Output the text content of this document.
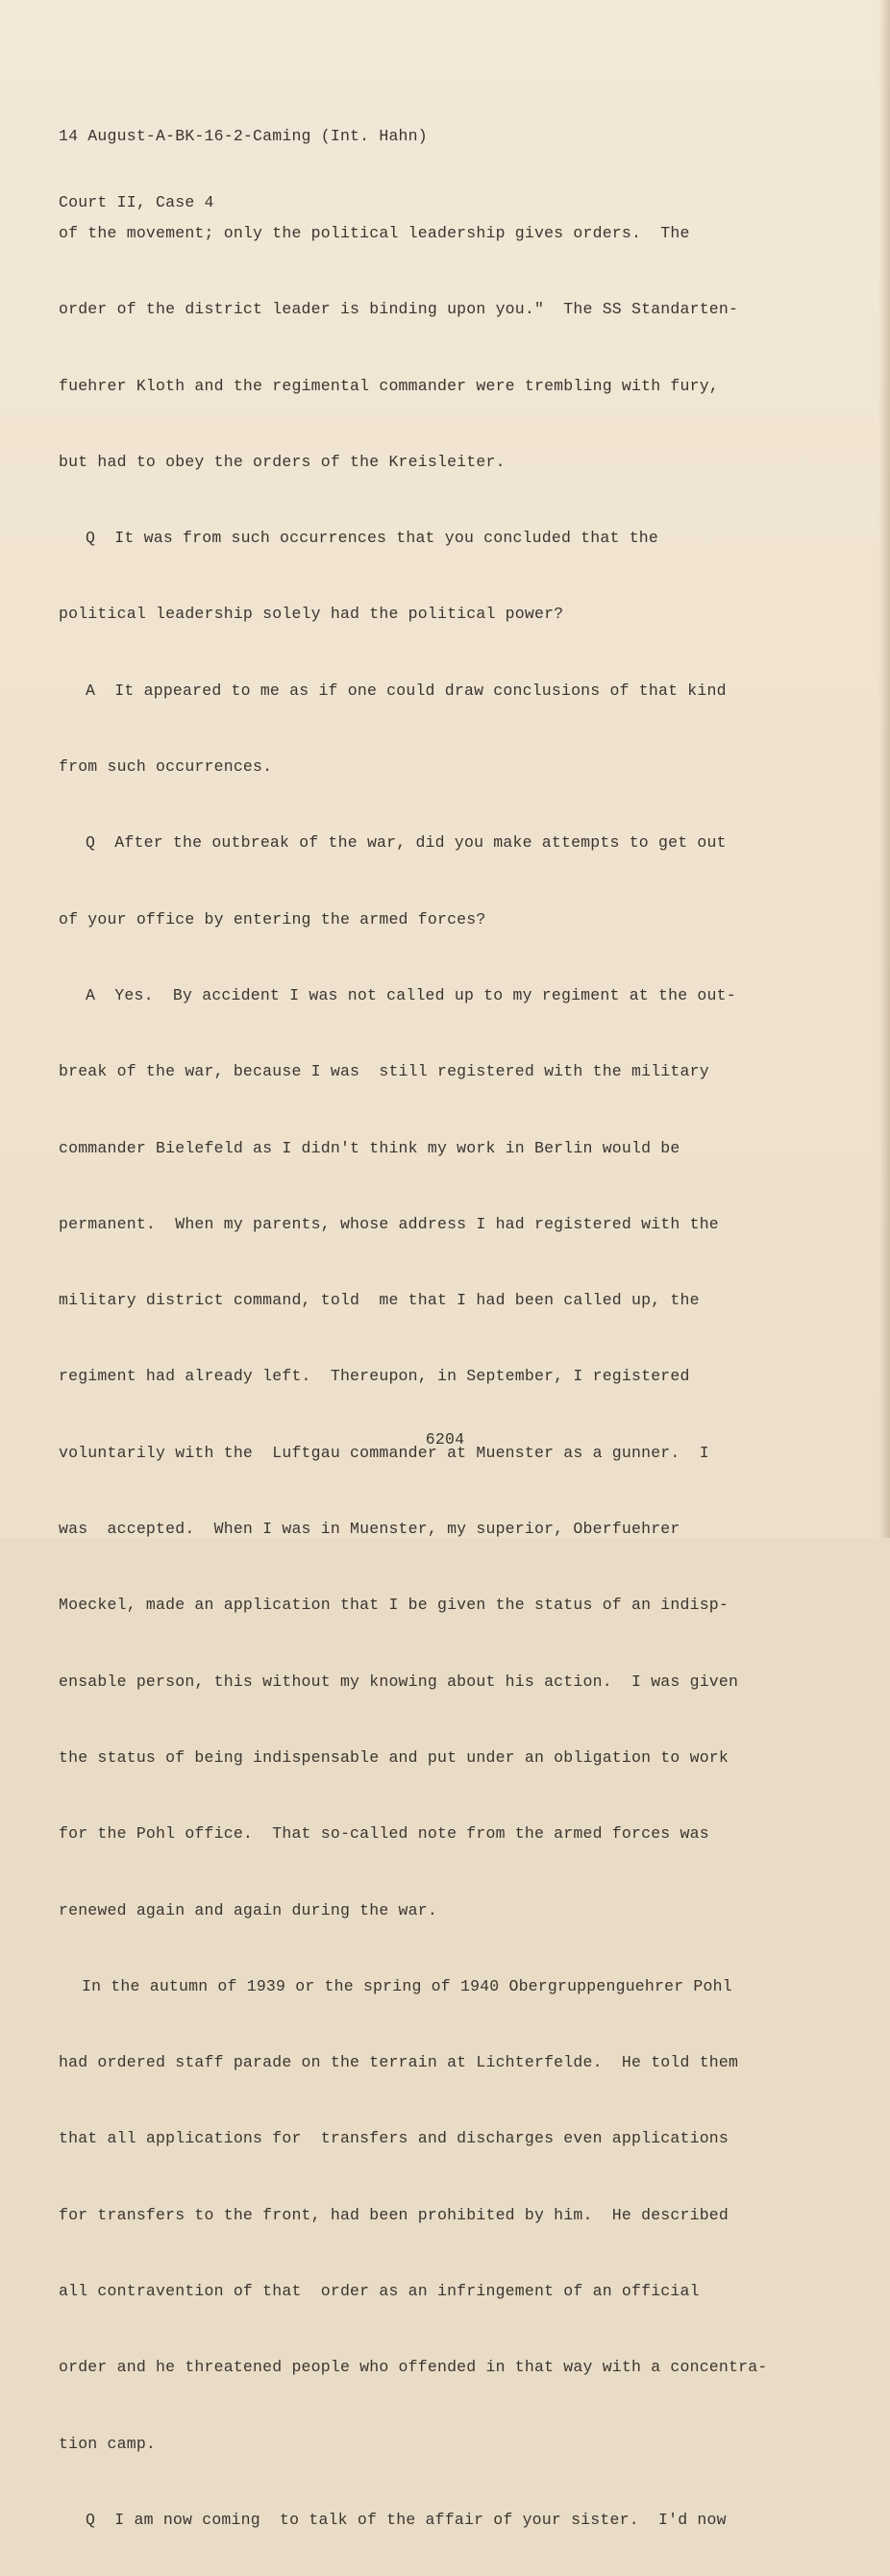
14 August-A-BK-16-2-Caming (Int. Hahn)

Court II, Case 4

of the movement; only the political leadership gives orders.  The

order of the district leader is binding upon you."  The SS Standarten-

fuehrer Kloth and the regimental commander were trembling with fury,

but had to obey the orders of the Kreisleiter.

Q  It was from such occurrences that you concluded that the

political leadership solely had the political power?

A  It appeared to me as if one could draw conclusions of that kind

from such occurrences.

Q  After the outbreak of the war, did you make attempts to get out

of your office by entering the armed forces?

A  Yes.  By accident I was not called up to my regiment at the out-

break of the war, because I was  still registered with the military

commander Bielefeld as I didn't think my work in Berlin would be

permanent.  When my parents, whose address I had registered with the

military district command, told  me that I had been called up, the

regiment had already left.  Thereupon, in September, I registered

voluntarily with the  Luftgau commander at Muenster as a gunner.  I

was  accepted.  When I was in Muenster, my superior, Oberfuehrer

Moeckel, made an application that I be given the status of an indisp-

ensable person, this without my knowing about his action.  I was given

the status of being indispensable and put under an obligation to work

for the Pohl office.  That so-called note from the armed forces was

renewed again and again during the war.

In the autumn of 1939 or the spring of 1940 Obergruppenguehrer Pohl

had ordered staff parade on the terrain at Lichterfelde.  He told them

that all applications for  transfers and discharges even applications

for transfers to the front, had been prohibited by him.  He described

all contravention of that  order as an infringement of an official

order and he threatened people who offended in that way with a concentra-

tion camp.

Q  I am now coming  to talk of the affair of your sister.  I'd now

6204
